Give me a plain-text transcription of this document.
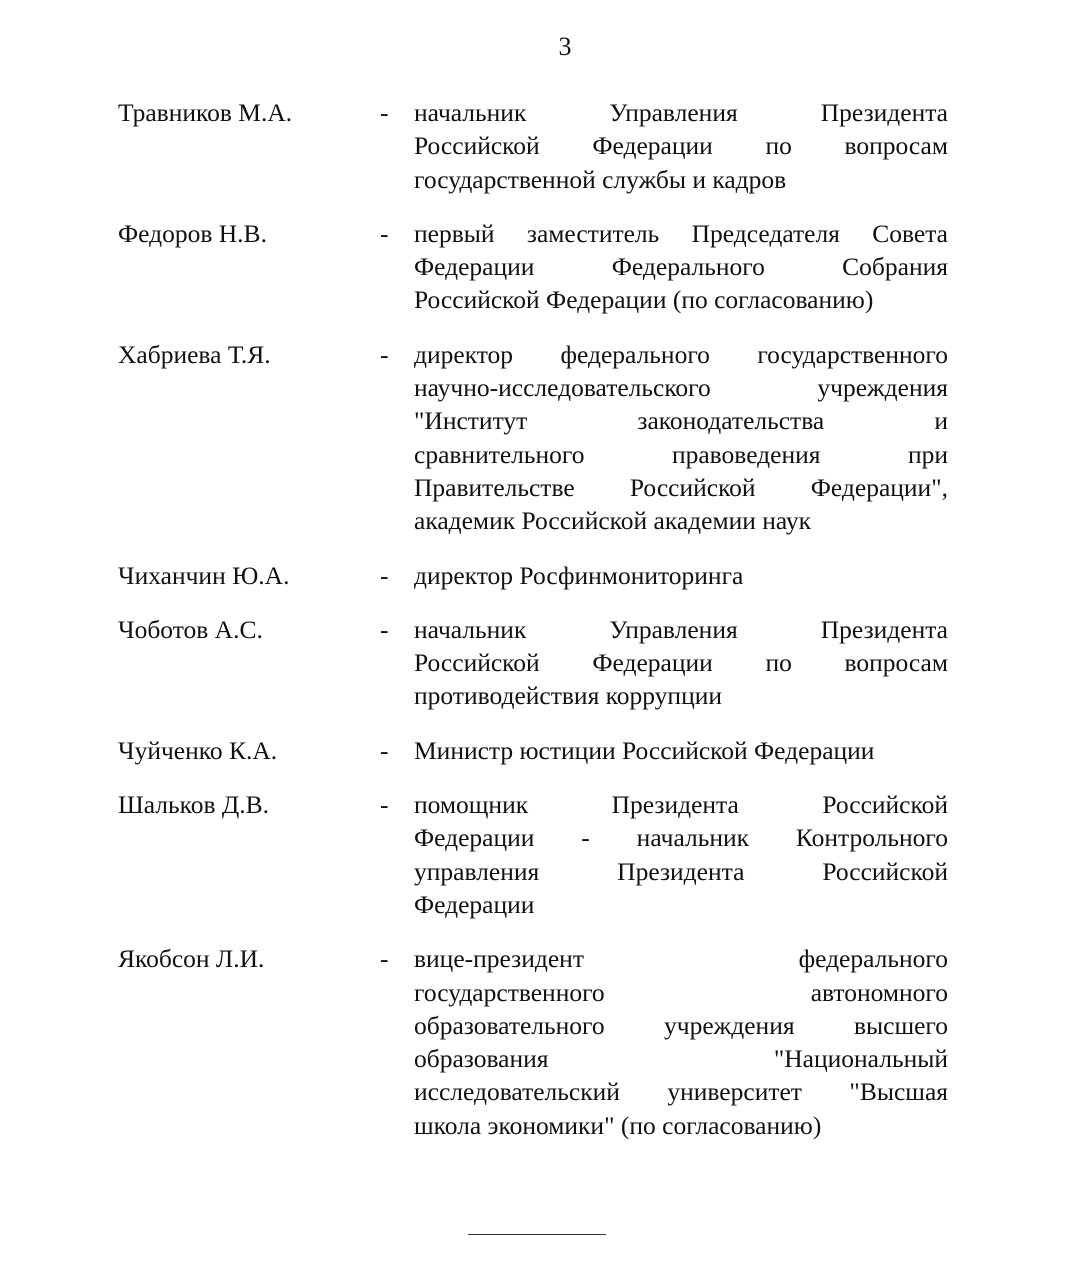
3
Травников М.А.	-	начальник Управления Президента
Российской Федерации по вопросам
государственной службы и кадров
Федоров Н.В.	-	первый заместитель Председателя Совета
Федерации Федерального Собрания
Российской Федерации (по согласованию)
Хабриева Т.Я.	-	директор федерального государственного
научно-исследовательского учреждения
"Институт законодательства и
сравнительного правоведения при
Правительстве Российской Федерации",
академик Российской академии наук
Чиханчин Ю.А.	-	директор Росфинмониторинга
Чоботов А.С.	-	начальник Управления Президента
Российской Федерации по вопросам
противодействия коррупции
Чуйченко К.А.	-	Министр юстиции Российской Федерации
Шальков Д.В.	-	помощник Президента Российской
Федерации - начальник Контрольного
управления Президента Российской
Федерации
Якобсон Л.И.	-	вице-президент федерального
государственного автономного
образовательного учреждения высшего
образования "Национальный
исследовательский университет "Высшая
школа экономики" (по согласованию)
